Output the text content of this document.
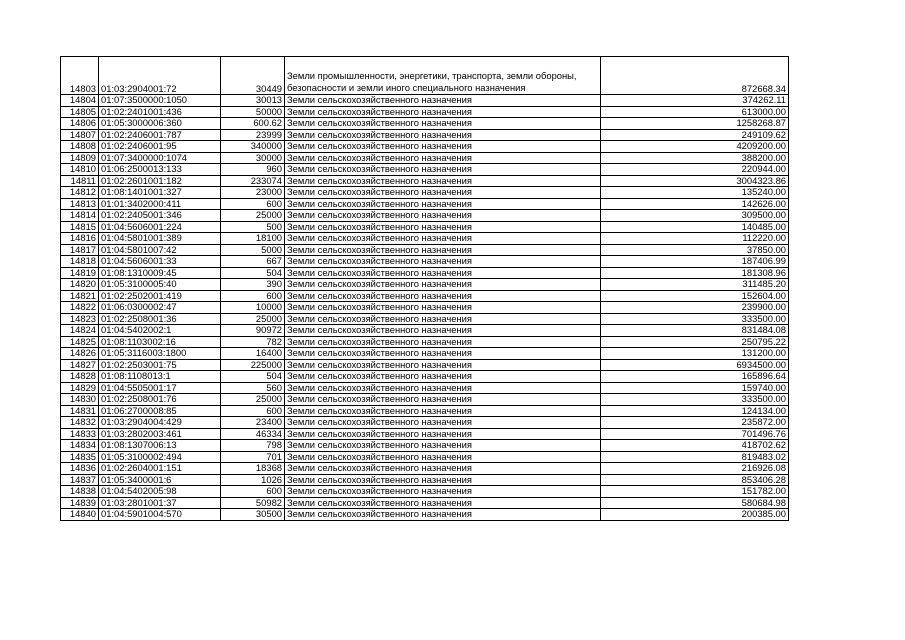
14803	01:03:2904001:72	30449	Земли промышленности, энергетики, транспорта, земли обороны, безопасности и земли иного специального назначения	872668.34
14804	01:07:3500000:1050	30013	Земли сельскохозяйственного назначения	374262.11
14805	01:02:2401001:436	50000	Земли сельскохозяйственного назначения	613000.00
14806	01:05:3000006:360	600.62	Земли сельскохозяйственного назначения	1258268.87
14807	01:02:2406001:787	23999	Земли сельскохозяйственного назначения	249109.62
14808	01:02:2406001:95	340000	Земли сельскохозяйственного назначения	4209200.00
14809	01:07:3400000:1074	30000	Земли сельскохозяйственного назначения	388200.00
14810	01:06:2500013:133	960	Земли сельскохозяйственного назначения	220944.00
14811	01:02:2601001:182	233074	Земли сельскохозяйственного назначения	3004323.86
14812	01:08:1401001:327	23000	Земли сельскохозяйственного назначения	135240.00
14813	01:01:3402000:411	600	Земли сельскохозяйственного назначения	142626.00
14814	01:02:2405001:346	25000	Земли сельскохозяйственного назначения	309500.00
14815	01:04:5606001:224	500	Земли сельскохозяйственного назначения	140485.00
14816	01:04:5801001:389	18100	Земли сельскохозяйственного назначения	112220.00
14817	01:04:5801007:42	5000	Земли сельскохозяйственного назначения	37850.00
14818	01:04:5606001:33	667	Земли сельскохозяйственного назначения	187406.99
14819	01:08:1310009:45	504	Земли сельскохозяйственного назначения	181308.96
14820	01:05:3100005:40	390	Земли сельскохозяйственного назначения	311485.20
14821	01:02:2502001:419	600	Земли сельскохозяйственного назначения	152604.00
14822	01:06:0300002:47	10000	Земли сельскохозяйственного назначения	239900.00
14823	01:02:2508001:36	25000	Земли сельскохозяйственного назначения	333500.00
14824	01:04:5402002:1	90972	Земли сельскохозяйственного назначения	831484.08
14825	01:08:1103002:16	782	Земли сельскохозяйственного назначения	250795.22
14826	01:05:3116003:1800	16400	Земли сельскохозяйственного назначения	131200.00
14827	01:02:2503001:75	225000	Земли сельскохозяйственного назначения	6934500.00
14828	01:08:1108013:1	504	Земли сельскохозяйственного назначения	165896.64
14829	01:04:5505001:17	560	Земли сельскохозяйственного назначения	159740.00
14830	01:02:2508001:76	25000	Земли сельскохозяйственного назначения	333500.00
14831	01:06:2700008:85	600	Земли сельскохозяйственного назначения	124134.00
14832	01:03:2904004:429	23400	Земли сельскохозяйственного назначения	235872.00
14833	01:03:2802003:461	46334	Земли сельскохозяйственного назначения	701496.76
14834	01:08:1307006:13	798	Земли сельскохозяйственного назначения	418702.62
14835	01:05:3100002:494	701	Земли сельскохозяйственного назначения	819483.02
14836	01:02:2604001:151	18368	Земли сельскохозяйственного назначения	216926.08
14837	01:05:3400001:6	1026	Земли сельскохозяйственного назначения	853406.28
14838	01:04:5402005:98	600	Земли сельскохозяйственного назначения	151782.00
14839	01:03:2801001:37	50982	Земли сельскохозяйственного назначения	580684.98
14840	01:04:5901004:570	30500	Земли сельскохозяйственного назначения	200385.00
